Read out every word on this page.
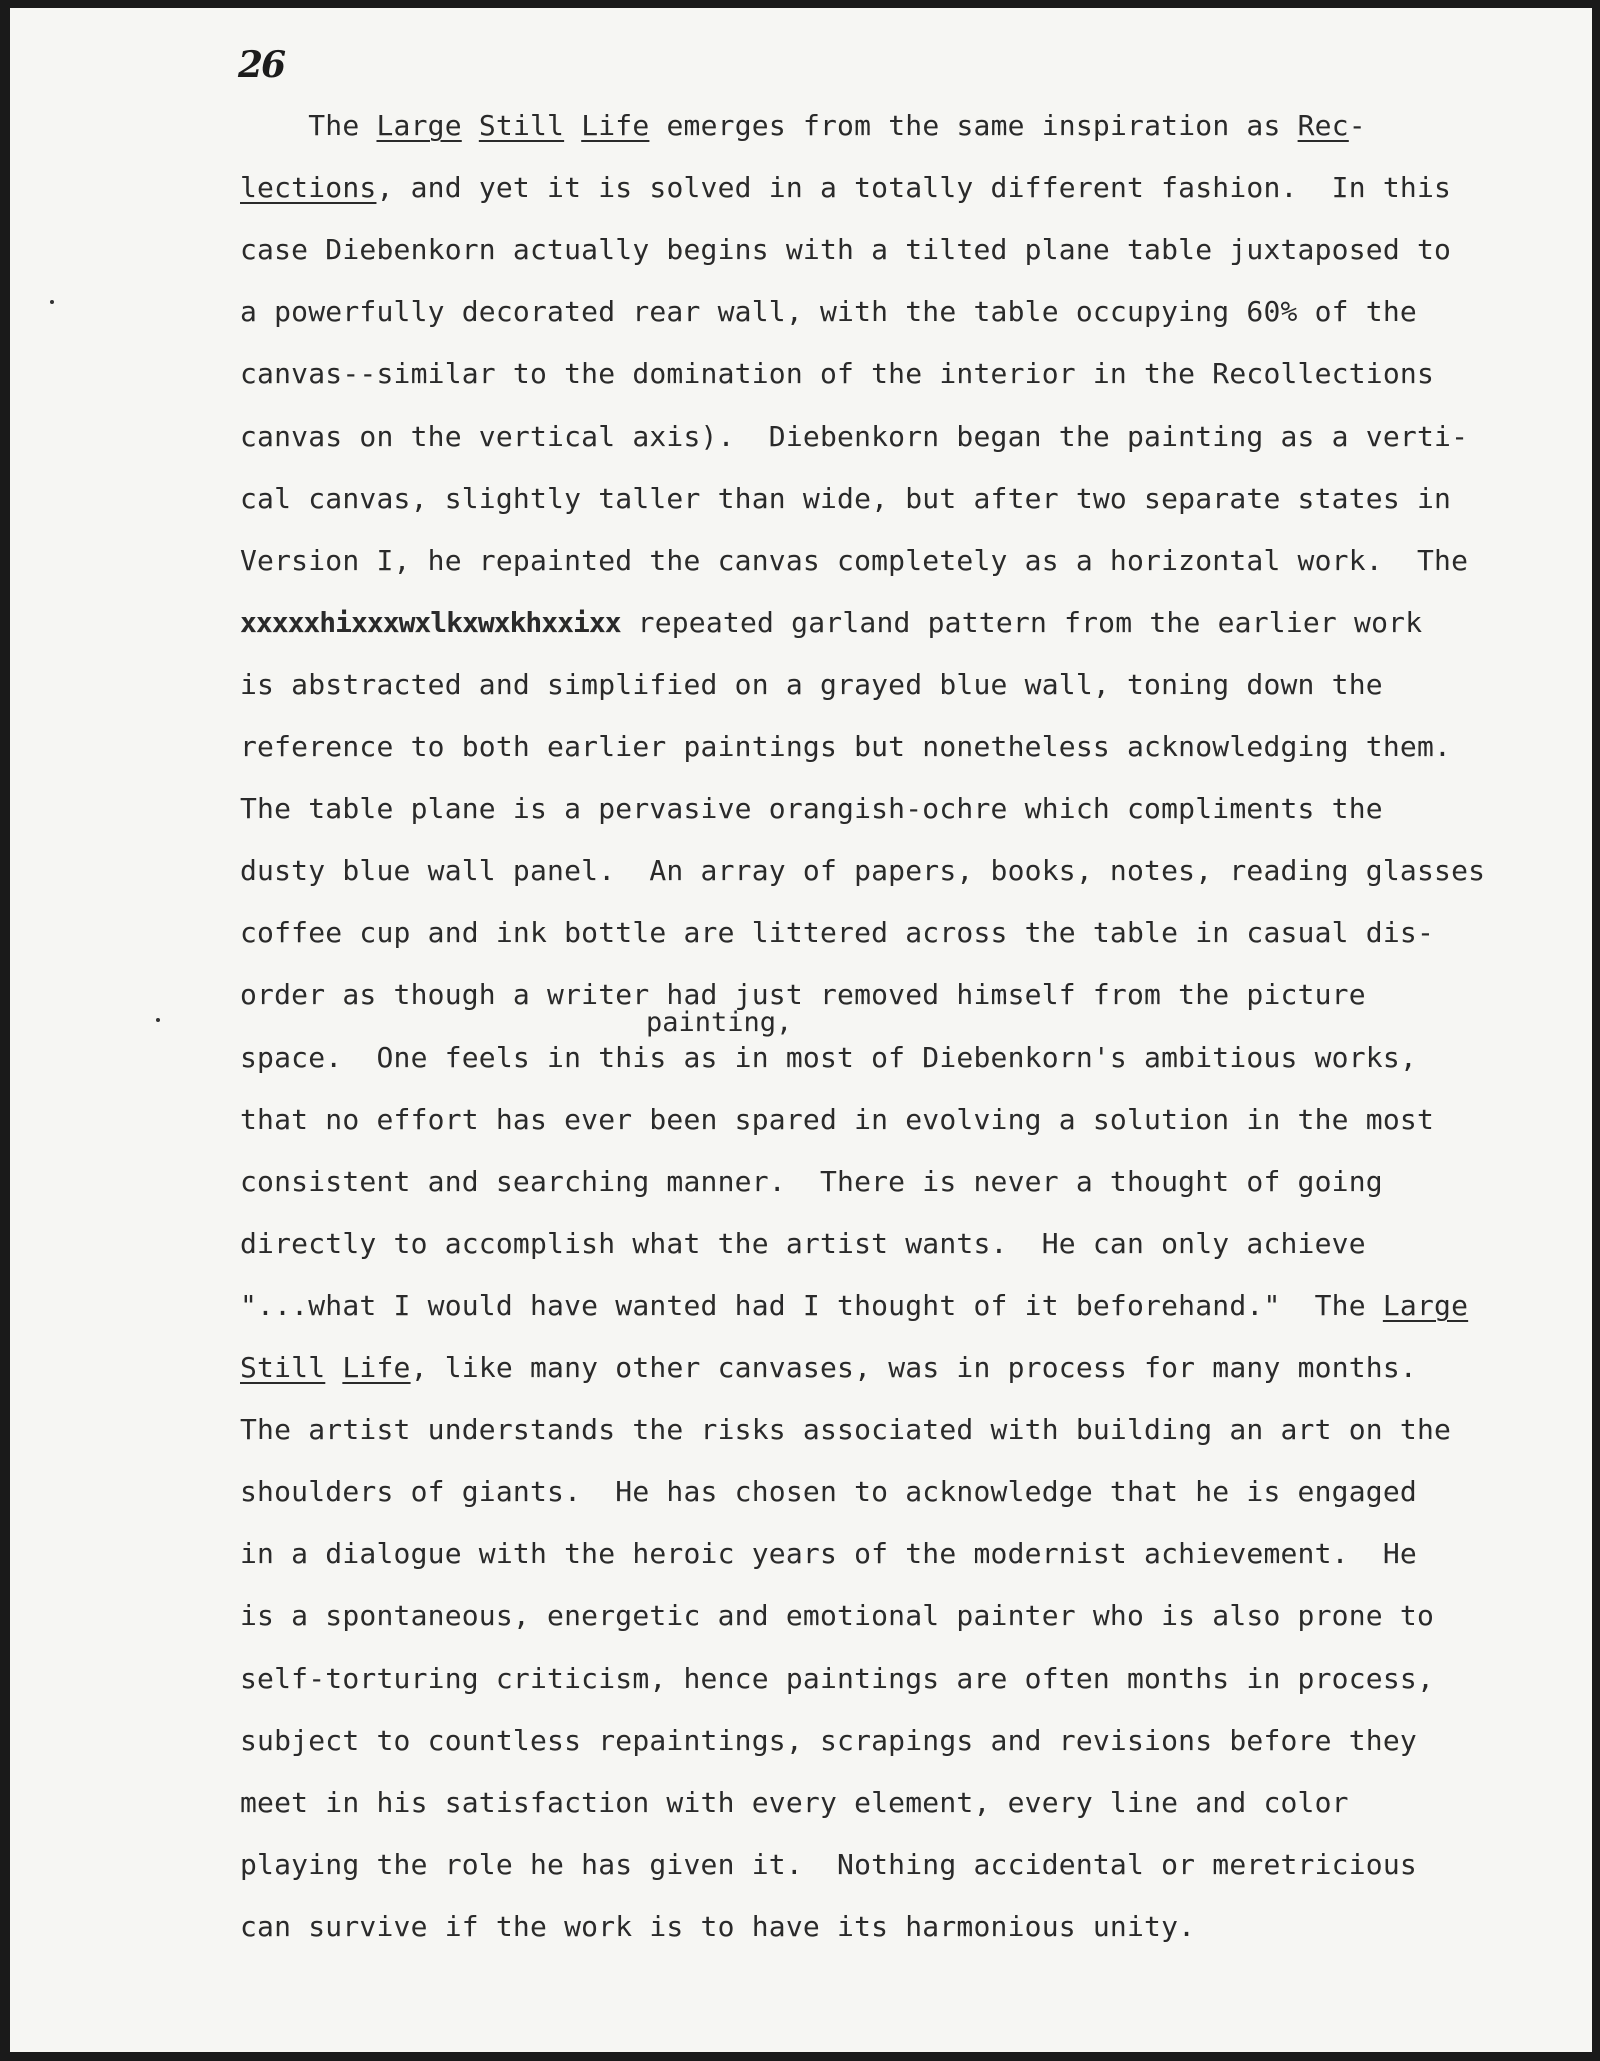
26
The Large Still Life emerges from the same inspiration as Rec-
lections, and yet it is solved in a totally different fashion.  In this
case Diebenkorn actually begins with a tilted plane table juxtaposed to
a powerfully decorated rear wall, with the table occupying 60% of the
canvas--similar to the domination of the interior in the Recollections
canvas on the vertical axis).  Diebenkorn began the painting as a verti-
cal canvas, slightly taller than wide, but after two separate states in
Version I, he repainted the canvas completely as a horizontal work.  The
xxxxxhixxxwxlkxwxkhxxixx repeated garland pattern from the earlier work
is abstracted and simplified on a grayed blue wall, toning down the
reference to both earlier paintings but nonetheless acknowledging them.
The table plane is a pervasive orangish-ochre which compliments the
dusty blue wall panel.  An array of papers, books, notes, reading glasses
coffee cup and ink bottle are littered across the table in casual dis-
order as though a writer had just removed himself from the picture
space.  One feels in this as in most of Diebenkorn's ambitious works,
that no effort has ever been spared in evolving a solution in the most
consistent and searching manner.  There is never a thought of going
directly to accomplish what the artist wants.  He can only achieve
"...what I would have wanted had I thought of it beforehand."  The Large
Still Life, like many other canvases, was in process for many months.
The artist understands the risks associated with building an art on the
shoulders of giants.  He has chosen to acknowledge that he is engaged
in a dialogue with the heroic years of the modernist achievement.  He
is a spontaneous, energetic and emotional painter who is also prone to
self-torturing criticism, hence paintings are often months in process,
subject to countless repaintings, scrapings and revisions before they
meet in his satisfaction with every element, every line and color
playing the role he has given it.  Nothing accidental or meretricious
can survive if the work is to have its harmonious unity.
painting,
